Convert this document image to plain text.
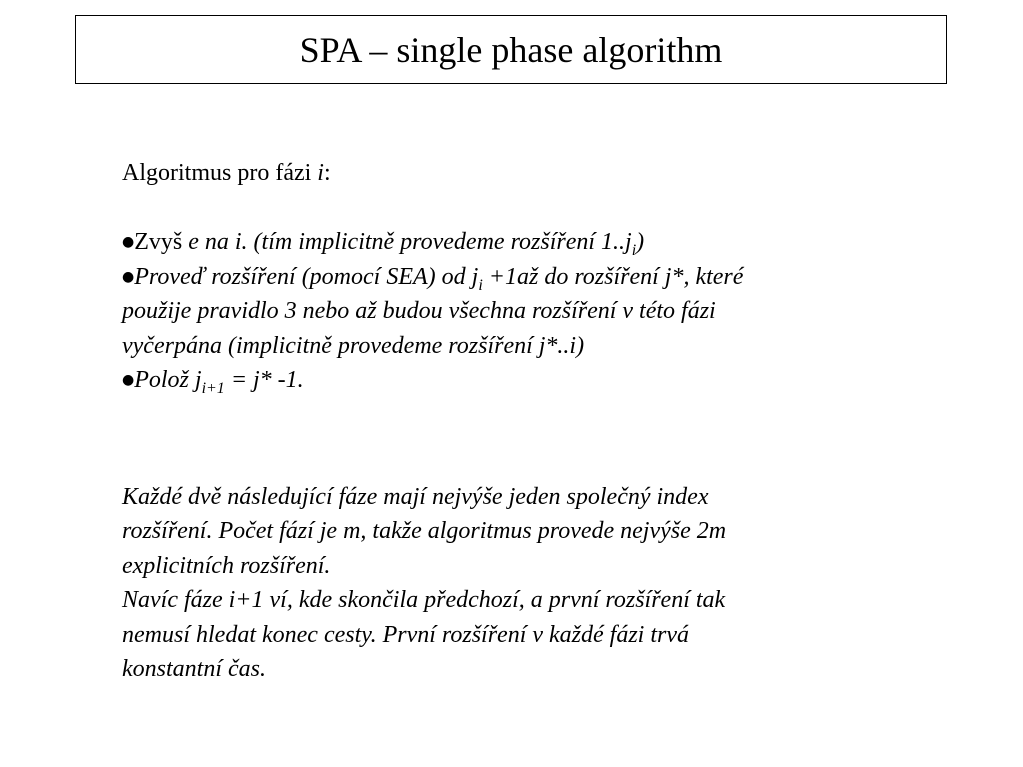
SPA – single phase algorithm
Algoritmus pro fázi i:
●Zvyš e na i. (tím implicitně provedeme rozšíření $1..j_i$)
●Proveď rozšíření (pomocí SEA) od $j_i$ +1až do rozšíření j*, které
použije pravidlo 3 nebo až budou všechna rozšíření v této fázi
vyčerpána (implicitně provedeme rozšíření j*..i)
●Polož $j_{i+1} = j*$ -1.
Každé dvě následující fáze mají nejvýše jeden společný index
rozšíření. Počet fází je m, takže algoritmus provede nejvýše 2m
explicitních rozšíření.
Navíc fáze i+1 ví, kde skončila předchozí, a první rozšíření tak
nemusí hledat konec cesty. První rozšíření v každé fázi trvá
konstantní čas.
